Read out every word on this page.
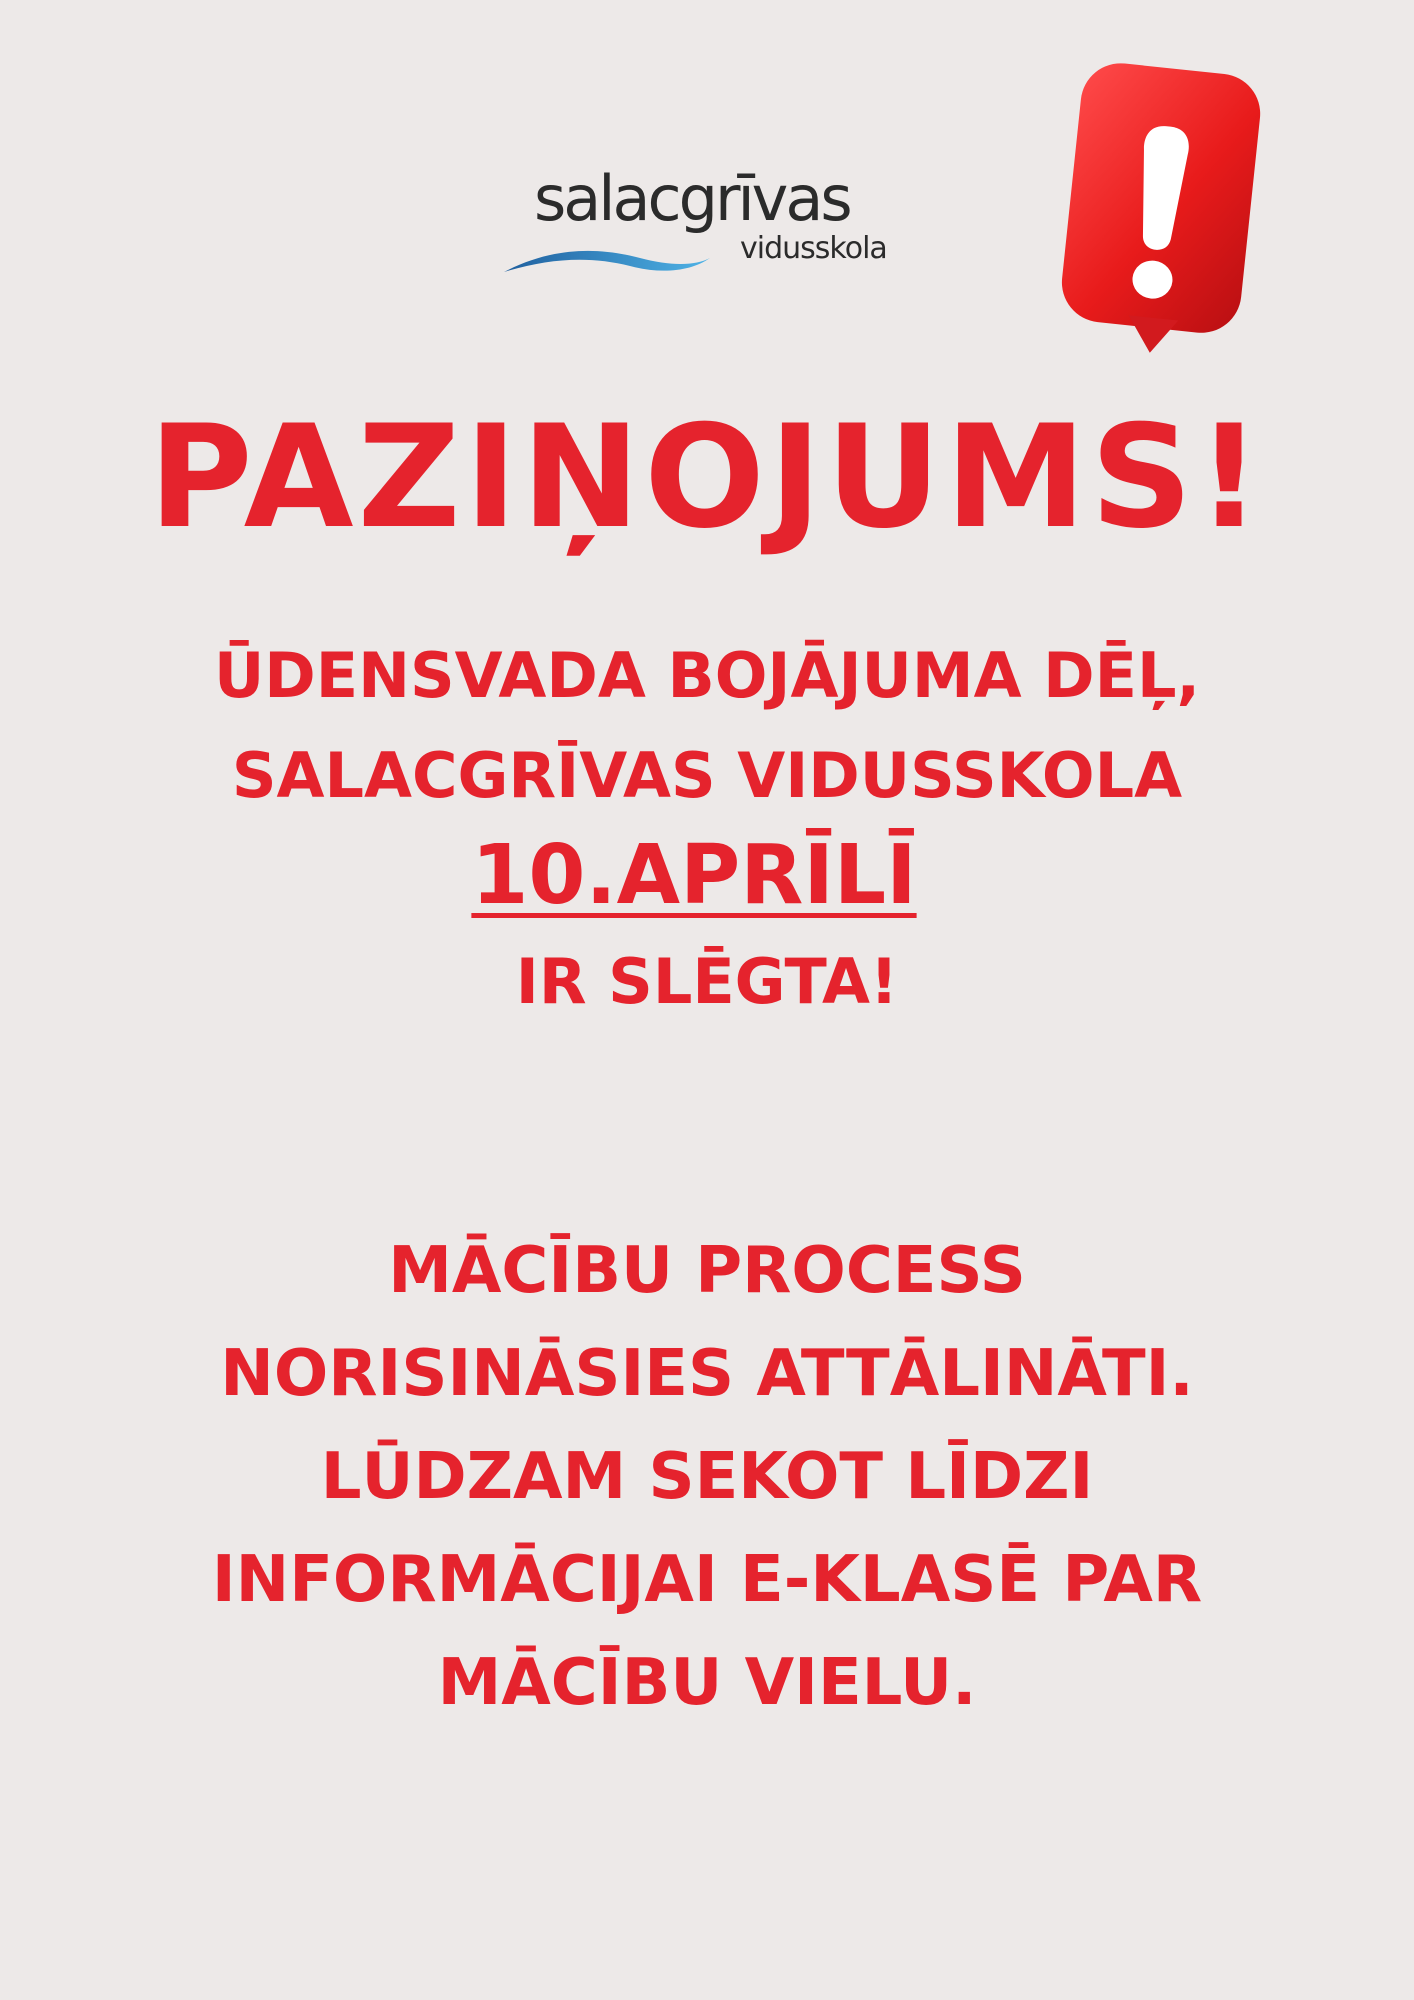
salacgrīvas
vidusskola
PAZIŅOJUMS!
ŪDENSVADA BOJĀJUMA DĒĻ,
SALACGRĪVAS VIDUSSKOLA
10.APRĪLĪ
IR SLĒGTA!
MĀCĪBU PROCESS
NORISINĀSIES ATTĀLINĀTI.
LŪDZAM SEKOT LĪDZI
INFORMĀCIJAI E-KLASĒ PAR
MĀCĪBU VIELU.
